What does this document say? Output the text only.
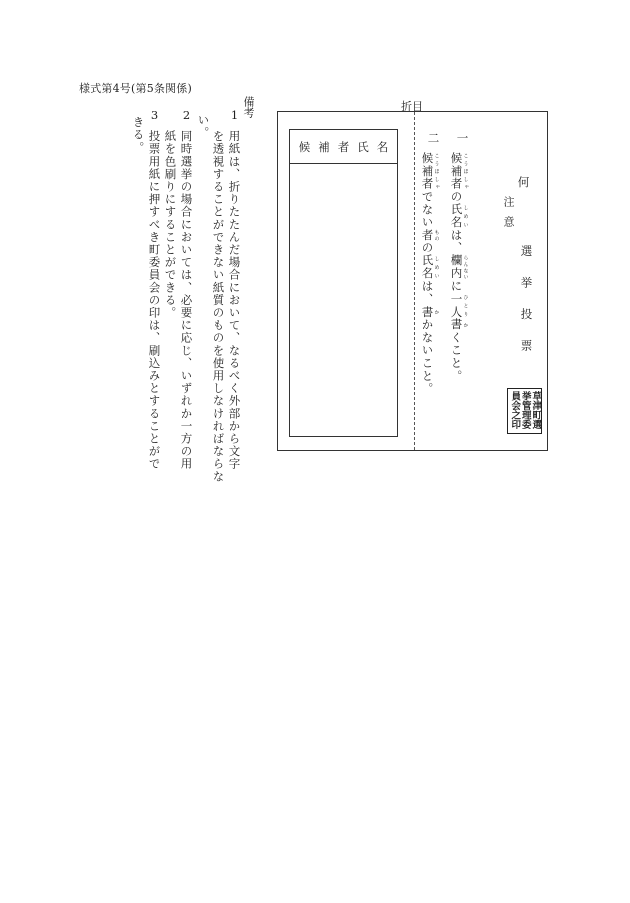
様式第4号(第5条関係)
備考
1
用紙は、折りたたんだ場合において、なるべく外部から文字
を透視することができない紙質のものを使用しなければならな
い。
2
同時選挙の場合においては、必要に応じ、いずれか一方の用
紙を色刷りにすることができる。
3
投票用紙に押すべき町委員会の印は、刷込みとすることがで
きる。
折目
候補者氏名
注意
一
候補者 こうほしゃの氏名 しめいは、欄内 らんないに一人 ひとり書 かくこと。
二
候補者 こうほしゃでない者 ものの氏名 しめいは、書 かかないこと。
何
選挙投票
草津町選
挙管理委
員会之印
